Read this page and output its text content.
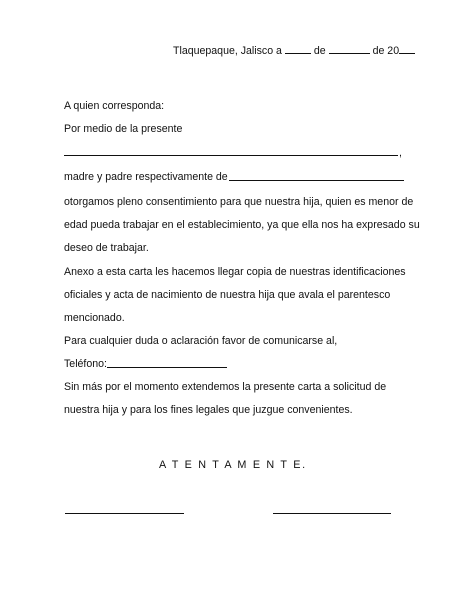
Tlaquepaque, Jalisco a	de	de 20
A quien corresponda:
Por medio de la presente
,
madre y padre respectivamente de
otorgamos pleno consentimiento para que nuestra hija, quien es menor de
edad pueda trabajar en el establecimiento, ya que ella nos ha expresado su
deseo de trabajar.
Anexo a esta carta les hacemos llegar copia de nuestras identificaciones
oficiales y acta de nacimiento de nuestra hija que avala el parentesco
mencionado.
Para cualquier duda o aclaración favor de comunicarse al,
Teléfono:
Sin más por el momento extendemos la presente carta a solicitud de
nuestra hija y para los fines legales que juzgue convenientes.
A T E N T A M E N T E.
